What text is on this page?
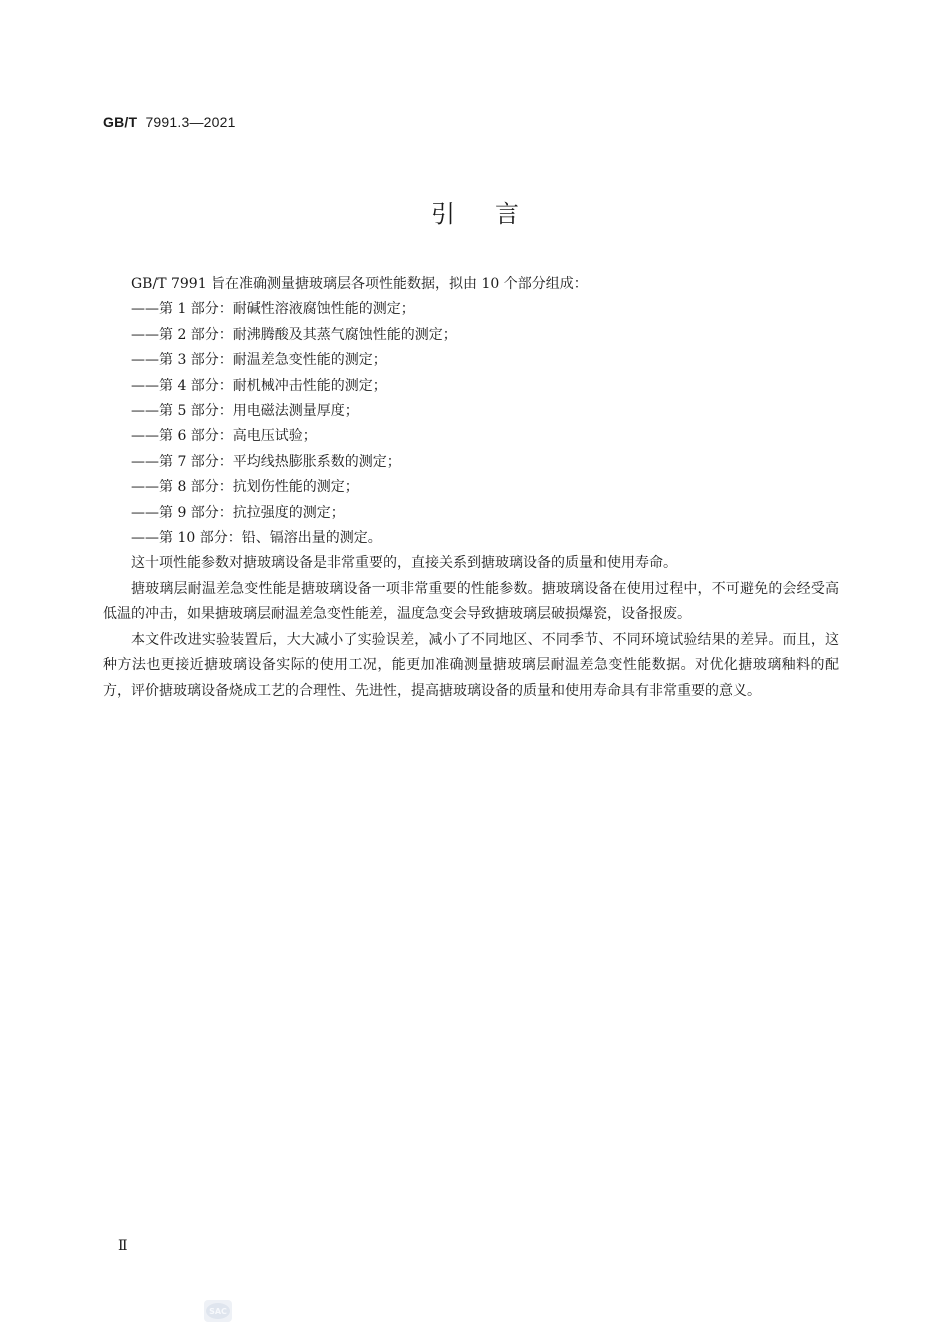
GB/T 7991.3—2021
引言

GB/T 7991 旨在准确测量搪玻璃层各项性能数据，拟由 10 个部分组成：

——第 1 部分：耐碱性溶液腐蚀性能的测定；
——第 2 部分：耐沸腾酸及其蒸气腐蚀性能的测定；
——第 3 部分：耐温差急变性能的测定；
——第 4 部分：耐机械冲击性能的测定；
——第 5 部分：用电磁法测量厚度；
——第 6 部分：高电压试验；
——第 7 部分：平均线热膨胀系数的测定；
——第 8 部分：抗划伤性能的测定；
——第 9 部分：抗拉强度的测定；
——第 10 部分：铅、镉溶出量的测定。

这十项性能参数对搪玻璃设备是非常重要的，直接关系到搪玻璃设备的质量和使用寿命。

搪玻璃层耐温差急变性能是搪玻璃设备一项非常重要的性能参数。搪玻璃设备在使用过程中，不可避免的会经受高低温的冲击，如果搪玻璃层耐温差急变性能差，温度急变会导致搪玻璃层破损爆瓷，设备报废。

本文件改进实验装置后，大大减小了实验误差，减小了不同地区、不同季节、不同环境试验结果的差异。而且，这种方法也更接近搪玻璃设备实际的使用工况，能更加准确测量搪玻璃层耐温差急变性能数据。对优化搪玻璃釉料的配方，评价搪玻璃设备烧成工艺的合理性、先进性，提高搪玻璃设备的质量和使用寿命具有非常重要的意义。

Ⅱ
SAC
